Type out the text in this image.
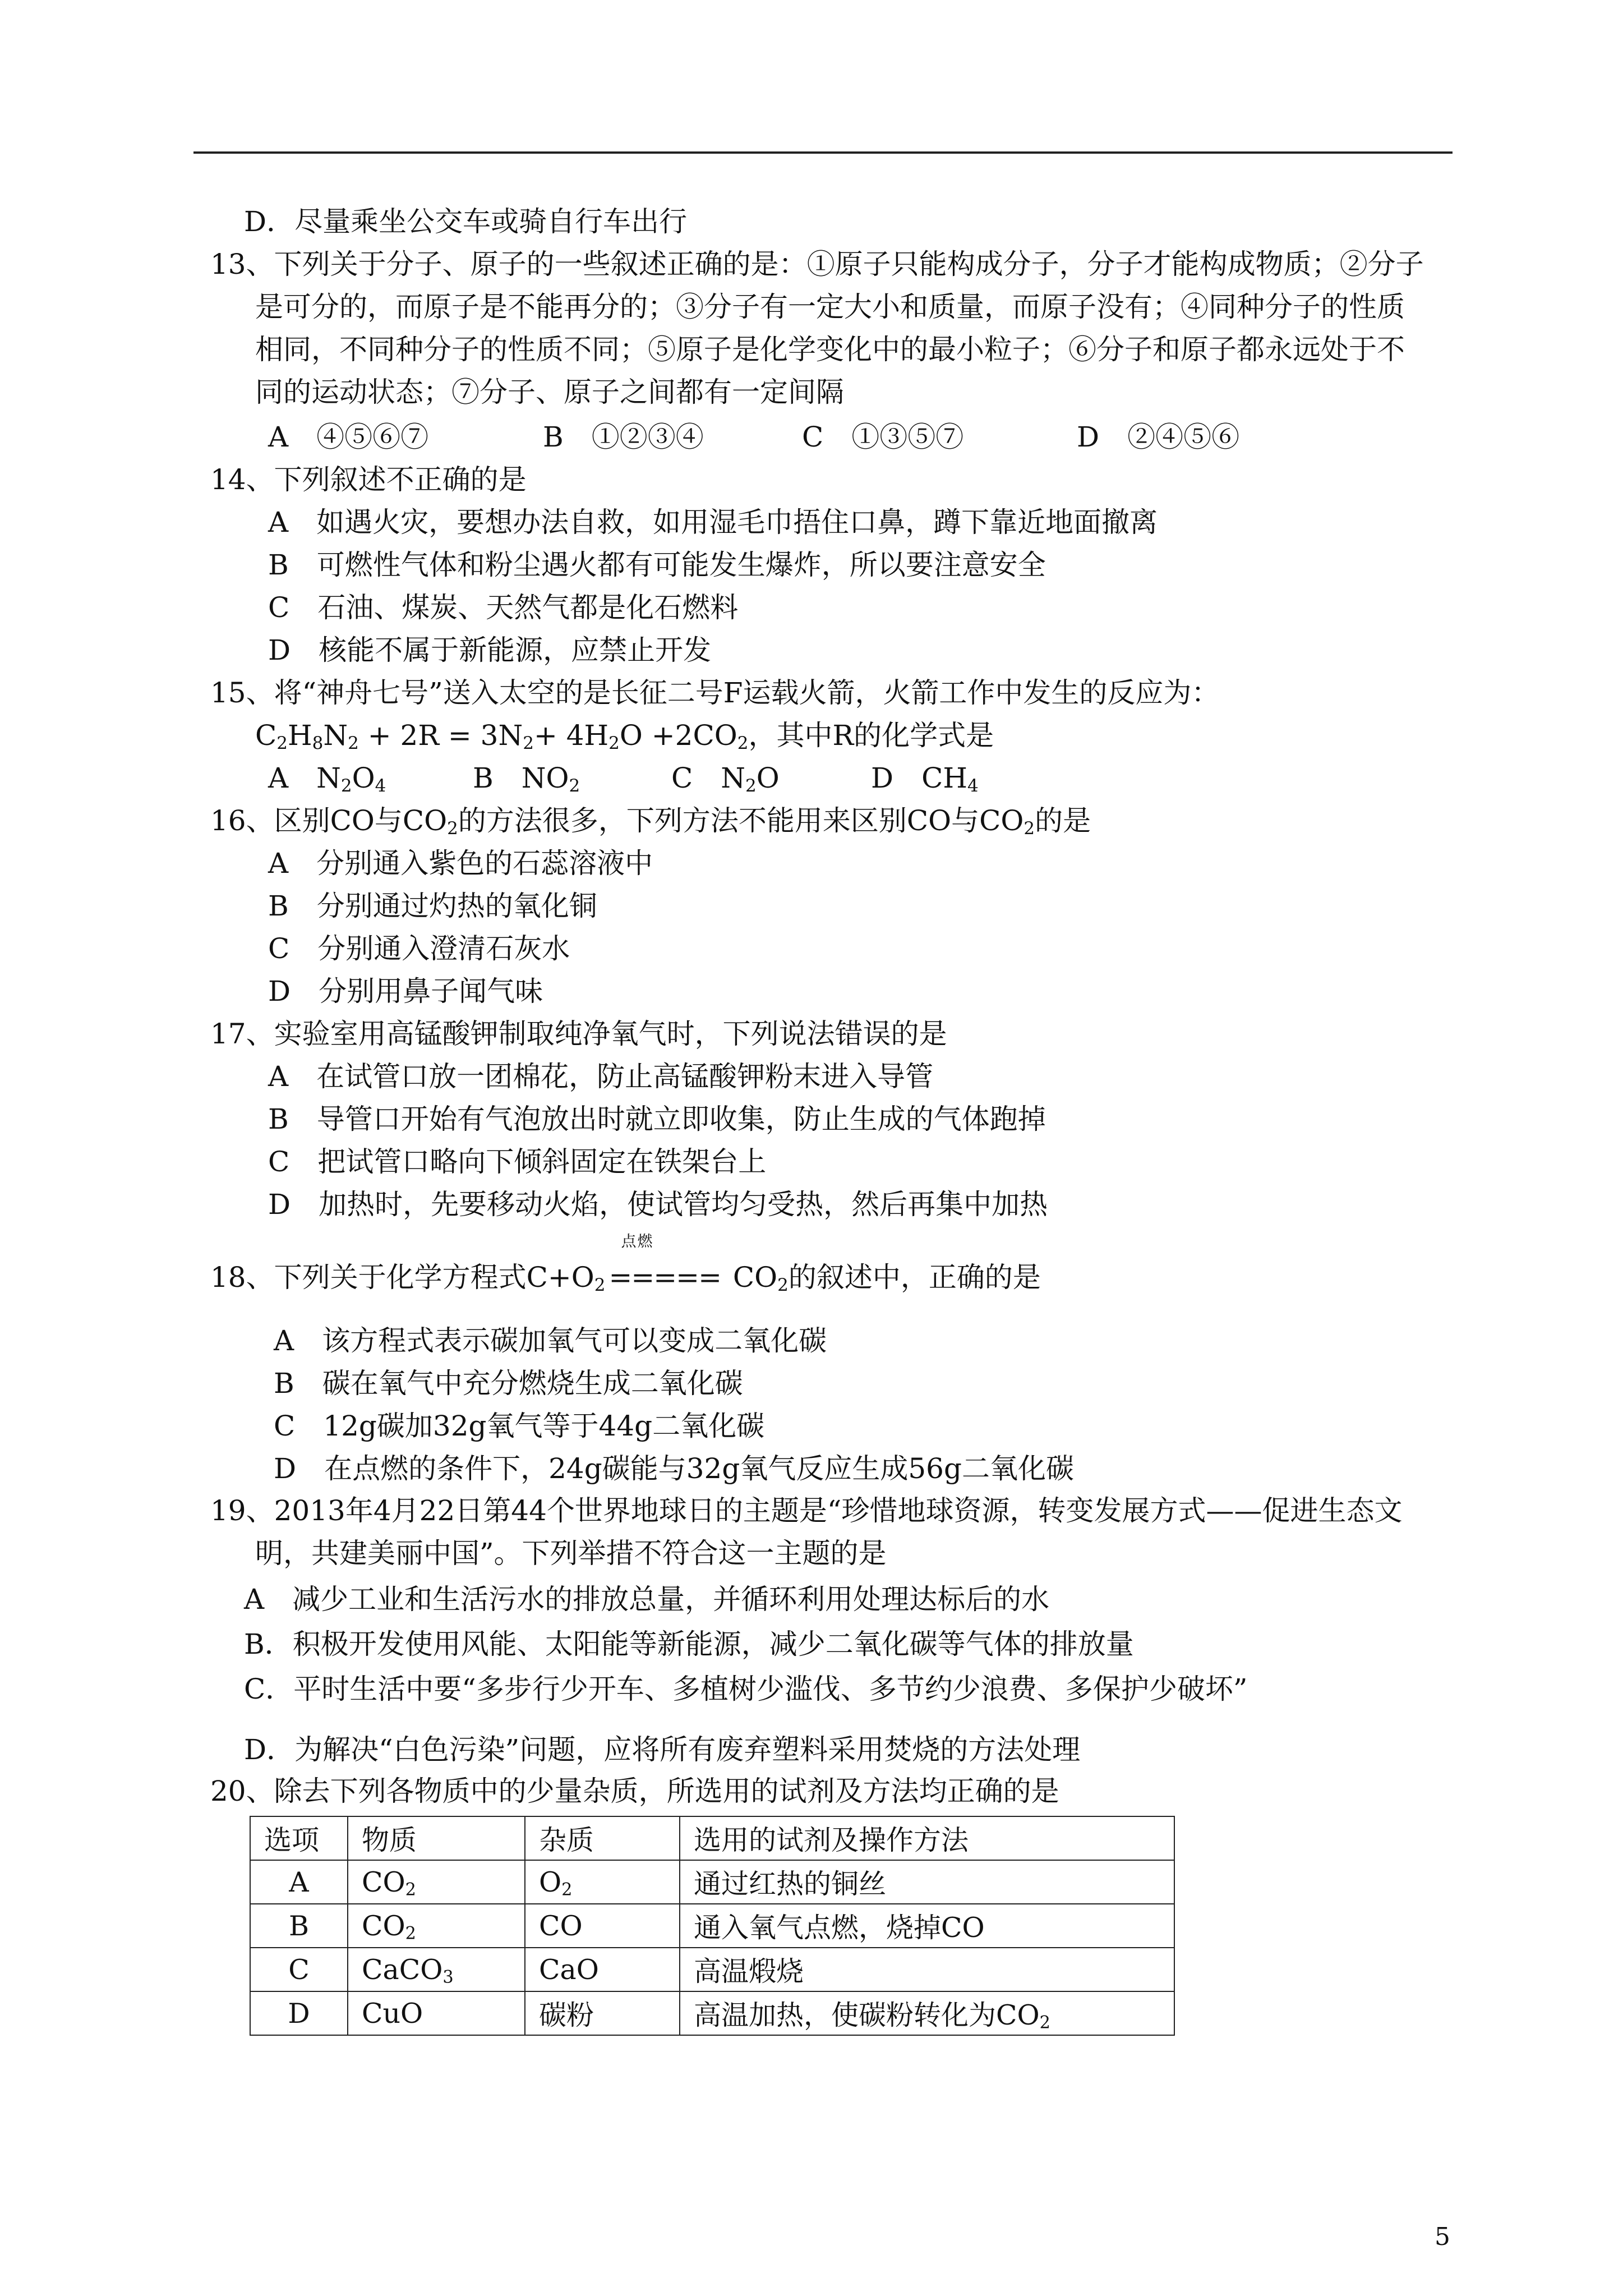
D．尽量乘坐公交车或骑自行车出行
13、下列关于分子、原子的一些叙述正确的是：①原子只能构成分子，分子才能构成物质；②分子
是可分的，而原子是不能再分的；③分子有一定大小和质量，而原子没有；④同种分子的性质
相同，不同种分子的性质不同；⑤原子是化学变化中的最小粒子；⑥分子和原子都永远处于不
同的运动状态；⑦分子、原子之间都有一定间隔
A　④⑤⑥⑦	B　①②③④	C　①③⑤⑦	D　②④⑤⑥
14、下列叙述不正确的是
A　如遇火灾，要想办法自救，如用湿毛巾捂住口鼻，蹲下靠近地面撤离
B　可燃性气体和粉尘遇火都有可能发生爆炸，所以要注意安全
C　石油、煤炭、天然气都是化石燃料
D　核能不属于新能源，应禁止开发
15、将“神舟七号”送入太空的是长征二号F运载火箭，火箭工作中发生的反应为：
$C_2H_8N_2 + 2R = 3N_2+ 4H_2O +2CO_2$，其中R的化学式是
A　$N_2O_4$	B　$NO_2$	C　$N_2O$	D　$CH_4$
16、区别CO与$CO_2$的方法很多，下列方法不能用来区别CO与$CO_2$的是
A　分别通入紫色的石蕊溶液中
B　分别通过灼热的氧化铜
C　分别通入澄清石灰水
D　分别用鼻子闻气味
17、实验室用高锰酸钾制取纯净氧气时，下列说法错误的是
A　在试管口放一团棉花，防止高锰酸钾粉末进入导管
B　导管口开始有气泡放出时就立即收集，防止生成的气体跑掉
C　把试管口略向下倾斜固定在铁架台上
D　加热时，先要移动火焰，使试管均匀受热，然后再集中加热
18、下列关于化学方程式$C+O_2$
点燃
===== $CO_2$的叙述中，正确的是
A　该方程式表示碳加氧气可以变成二氧化碳
B　碳在氧气中充分燃烧生成二氧化碳
C　12g碳加32g氧气等于44g二氧化碳
D　在点燃的条件下，24g碳能与32g氧气反应生成56g二氧化碳
19、2013年4月22日第44个世界地球日的主题是“珍惜地球资源，转变发展方式——促进生态文
明，共建美丽中国”。下列举措不符合这一主题的是
A　减少工业和生活污水的排放总量，并循环利用处理达标后的水
B．积极开发使用风能、太阳能等新能源，减少二氧化碳等气体的排放量
C．平时生活中要“多步行少开车、多植树少滥伐、多节约少浪费、多保护少破坏”
D．为解决“白色污染”问题，应将所有废弃塑料采用焚烧的方法处理
20、除去下列各物质中的少量杂质，所选用的试剂及方法均正确的是
选项	物质	杂质	选用的试剂及操作方法
A	$CO_2$	$O_2$	通过红热的铜丝
B	$CO_2$	CO	通入氧气点燃，烧掉CO
C	CaCO$_3$	CaO	高温煅烧
D	CuO	碳粉	高温加热，使碳粉转化为$CO_2$
5
